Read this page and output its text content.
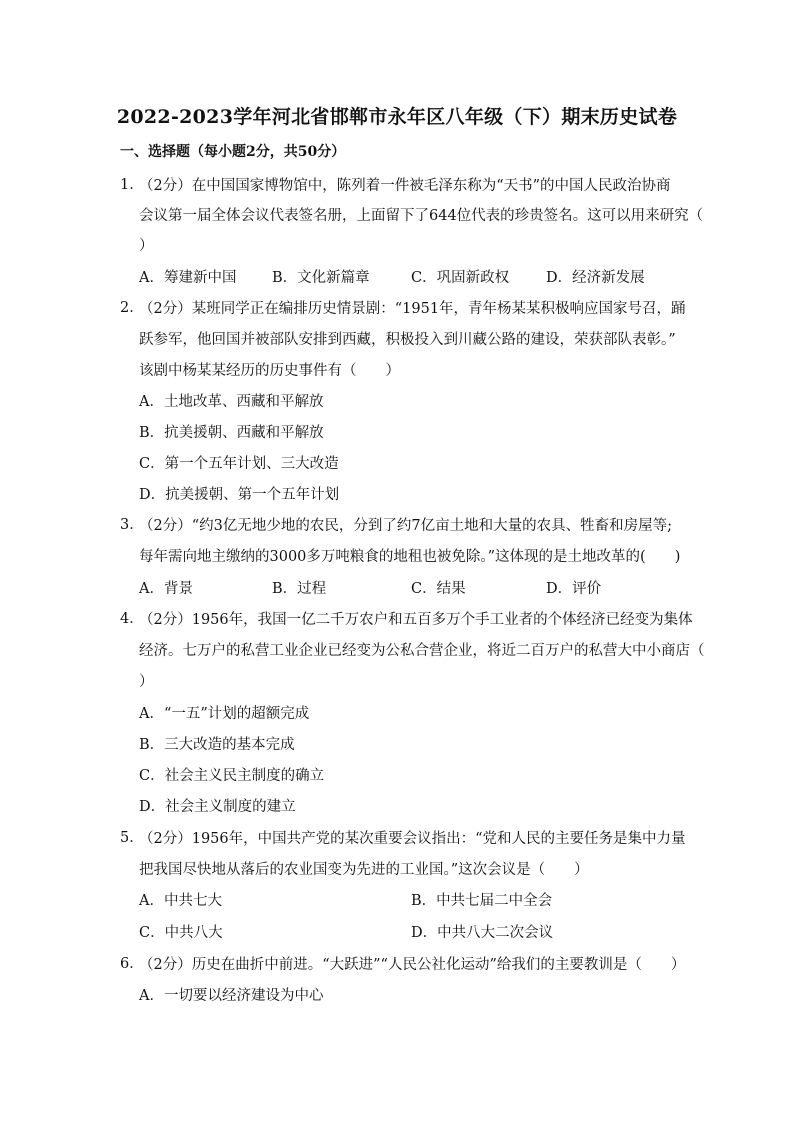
2022-2023学年河北省邯郸市永年区八年级（下）期末历史试卷
一、选择题（每小题2分，共50分）
1．
（2分）在中国国家博物馆中，陈列着一件被毛泽东称为“天书”的中国人民政治协商
会议第一届全体会议代表签名册，上面留下了644位代表的珍贵签名。这可以用来研究（
）
A．筹建新中国 B．文化新篇章	C．巩固新政权	D．经济新发展
2．
（2分）某班同学正在编排历史情景剧：“1951年，青年杨某某积极响应国家号召，踊
跃参军，他回国并被部队安排到西藏，积极投入到川藏公路的建设，荣获部队表彰。”
该剧中杨某某经历的历史事件有（　　）
A．土地改革、西藏和平解放
B．抗美援朝、西藏和平解放
C．第一个五年计划、三大改造
D．抗美援朝、第一个五年计划
3．
（2分）“约3亿无地少地的农民，分到了约7亿亩土地和大量的农具、牲畜和房屋等;
每年需向地主缴纳的3000多万吨粮食的地租也被免除。”这体现的是土地改革的(　　)
A．背景	B．过程	C．结果	D．评价
4．
（2分）1956年，我国一亿二千万农户和五百多万个手工业者的个体经济已经变为集体
经济。七万户的私营工业企业已经变为公私合营企业，将近二百万户的私营大中小商店（
）
A．“一五”计划的超额完成
B．三大改造的基本完成
C．社会主义民主制度的确立
D．社会主义制度的建立
5．
（2分）1956年，中国共产党的某次重要会议指出：“党和人民的主要任务是集中力量
把我国尽快地从落后的农业国变为先进的工业国。”这次会议是（　　）
A．中共七大	B．中共七届二中全会
C．中共八大	D．中共八大二次会议
6．
（2分）历史在曲折中前进。“大跃进”“人民公社化运动”给我们的主要教训是（　　）
A．一切要以经济建设为中心
